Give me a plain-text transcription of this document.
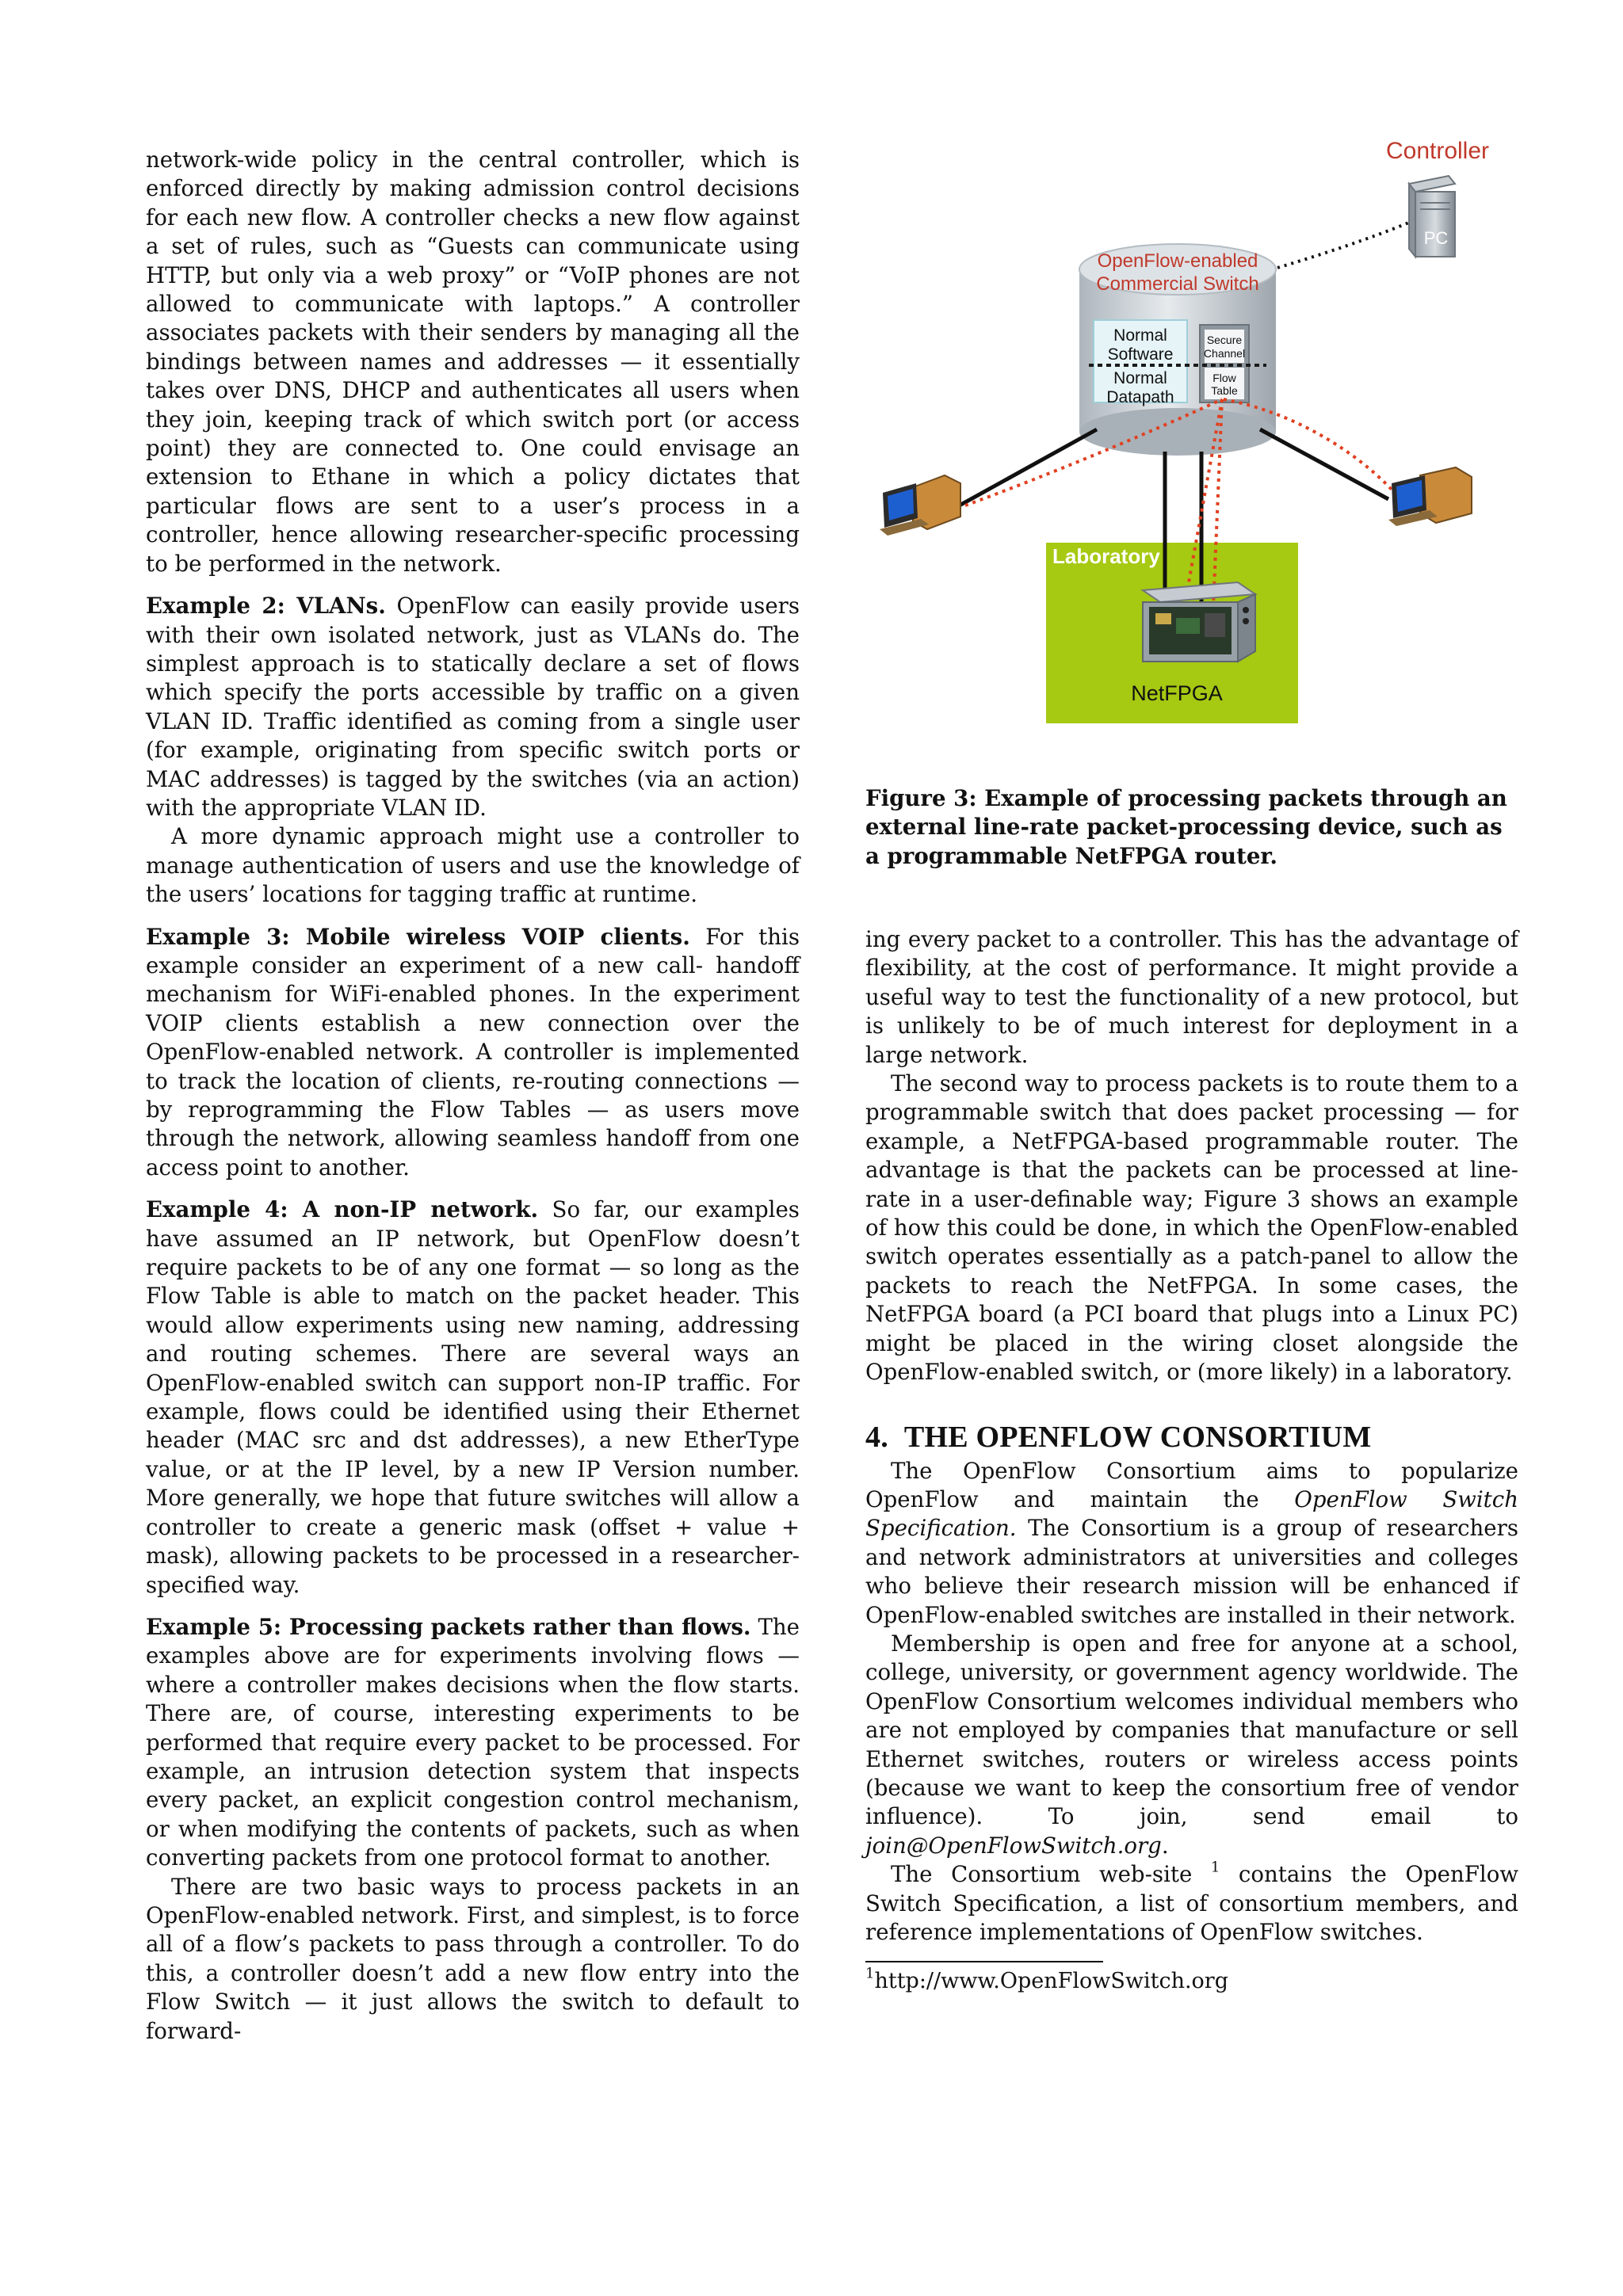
network-wide policy in the central controller, which is enforced directly by making admission control decisions for each new flow. A controller checks a new flow against a set of rules, such as “Guests can communicate using HTTP, but only via a web proxy” or “VoIP phones are not allowed to communicate with laptops.” A controller associates packets with their senders by managing all the bindings between names and addresses — it essentially takes over DNS, DHCP and authenticates all users when they join, keeping track of which switch port (or access point) they are connected to. One could envisage an extension to Ethane in which a policy dictates that particular flows are sent to a user’s process in a controller, hence allowing researcher-specific processing to be performed in the network.

Example 2: VLANs. OpenFlow can easily provide users with their own isolated network, just as VLANs do. The simplest approach is to statically declare a set of flows which specify the ports accessible by traffic on a given VLAN ID. Traffic identified as coming from a single user (for example, originating from specific switch ports or MAC addresses) is tagged by the switches (via an action) with the appropriate VLAN ID.

A more dynamic approach might use a controller to manage authentication of users and use the knowledge of the users’ locations for tagging traffic at runtime.

Example 3: Mobile wireless VOIP clients. For this example consider an experiment of a new call- handoff mechanism for WiFi-enabled phones. In the experiment VOIP clients establish a new connection over the OpenFlow-enabled network. A controller is implemented to track the location of clients, re-routing connections — by reprogramming the Flow Tables — as users move through the network, allowing seamless handoff from one access point to another.

Example 4: A non-IP network. So far, our examples have assumed an IP network, but OpenFlow doesn’t require packets to be of any one format — so long as the Flow Table is able to match on the packet header. This would allow experiments using new naming, addressing and routing schemes. There are several ways an OpenFlow-enabled switch can support non-IP traffic. For example, flows could be identified using their Ethernet header (MAC src and dst addresses), a new EtherType value, or at the IP level, by a new IP Version number. More generally, we hope that future switches will allow a controller to create a generic mask (offset + value + mask), allowing packets to be processed in a researcher-specified way.

Example 5: Processing packets rather than flows. The examples above are for experiments involving flows — where a controller makes decisions when the flow starts. There are, of course, interesting experiments to be performed that require every packet to be processed. For example, an intrusion detection system that inspects every packet, an explicit congestion control mechanism, or when modifying the contents of packets, such as when converting packets from one protocol format to another.

There are two basic ways to process packets in an OpenFlow-enabled network. First, and simplest, is to force all of a flow’s packets to pass through a controller. To do this, a controller doesn’t add a new flow entry into the Flow Switch — it just allows the switch to default to forward-

Controller
PC
OpenFlow-enabled
Commercial Switch
Normal
Software
Normal
Datapath
Secure
Channel
Flow
Table
Laboratory
NetFPGA

Figure 3: Example of processing packets through an external line-rate packet-processing device, such as a programmable NetFPGA router.

ing every packet to a controller. This has the advantage of flexibility, at the cost of performance. It might provide a useful way to test the functionality of a new protocol, but is unlikely to be of much interest for deployment in a large network.

The second way to process packets is to route them to a programmable switch that does packet processing — for example, a NetFPGA-based programmable router. The advantage is that the packets can be processed at line-rate in a user-definable way; Figure 3 shows an example of how this could be done, in which the OpenFlow-enabled switch operates essentially as a patch-panel to allow the packets to reach the NetFPGA. In some cases, the NetFPGA board (a PCI board that plugs into a Linux PC) might be placed in the wiring closet alongside the OpenFlow-enabled switch, or (more likely) in a laboratory.

4. THE OPENFLOW CONSORTIUM

The OpenFlow Consortium aims to popularize OpenFlow and maintain the OpenFlow Switch Specification. The Consortium is a group of researchers and network administrators at universities and colleges who believe their research mission will be enhanced if OpenFlow-enabled switches are installed in their network.

Membership is open and free for anyone at a school, college, university, or government agency worldwide. The OpenFlow Consortium welcomes individual members who are not employed by companies that manufacture or sell Ethernet switches, routers or wireless access points (because we want to keep the consortium free of vendor influence). To join, send email to join@OpenFlowSwitch.org.

The Consortium web-site $^1$ contains the OpenFlow Switch Specification, a list of consortium members, and reference implementations of OpenFlow switches.

$^1$http://www.OpenFlowSwitch.org
